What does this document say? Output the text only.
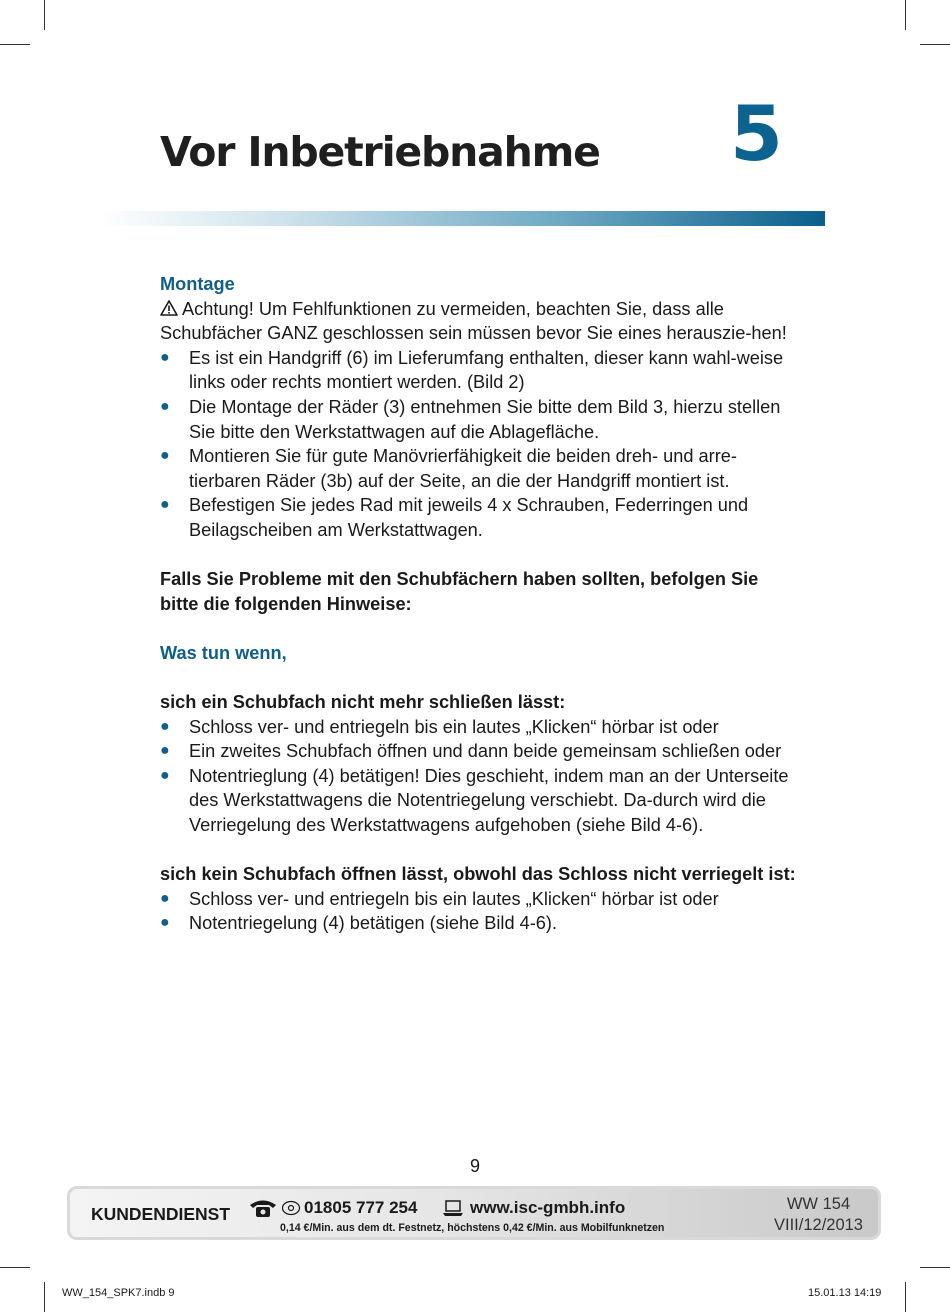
Vor Inbetriebnahme 5

Montage

Achtung! Um Fehlfunktionen zu vermeiden, beachten Sie, dass alle Schubfächer GANZ geschlossen sein müssen bevor Sie eines herauszie-hen!

● Es ist ein Handgriff (6) im Lieferumfang enthalten, dieser kann wahl-weise links oder rechts montiert werden. (Bild 2)
● Die Montage der Räder (3) entnehmen Sie bitte dem Bild 3, hierzu stellen Sie bitte den Werkstattwagen auf die Ablagefläche.
● Montieren Sie für gute Manövrierfähigkeit die beiden dreh- und arre-tierbaren Räder (3b) auf der Seite, an die der Handgriff montiert ist.
● Befestigen Sie jedes Rad mit jeweils 4 x Schrauben, Federringen und Beilagscheiben am Werkstattwagen.

Falls Sie Probleme mit den Schubfächern haben sollten, befolgen Sie bitte die folgenden Hinweise:

Was tun wenn,

sich ein Schubfach nicht mehr schließen lässt:

● Schloss ver- und entriegeln bis ein lautes „Klicken“ hörbar ist oder
● Ein zweites Schubfach öffnen und dann beide gemeinsam schließen oder
● Notentrieglung (4) betätigen! Dies geschieht, indem man an der Unterseite des Werkstattwagens die Notentriegelung verschiebt. Da-durch wird die Verriegelung des Werkstattwagens aufgehoben (siehe Bild 4-6).

sich kein Schubfach öffnen lässt, obwohl das Schloss nicht verriegelt ist:

● Schloss ver- und entriegeln bis ein lautes „Klicken“ hörbar ist oder
● Notentriegelung (4) betätigen (siehe Bild 4-6).
9
KUNDENDIENST	01805 777 254	www.isc-gmbh.info
0,14 €/Min. aus dem dt. Festnetz, höchstens 0,42 €/Min. aus Mobilfunknetzen
WW 154
VIII/12/2013
WW_154_SPK7.indb 9	15.01.13 14:19
